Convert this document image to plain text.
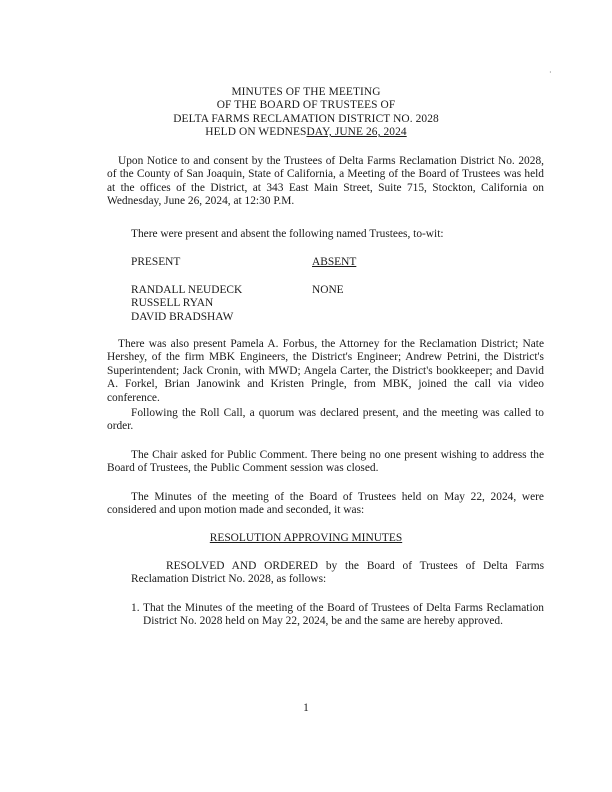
·
MINUTES OF THE MEETING
OF THE BOARD OF TRUSTEES OF
DELTA FARMS RECLAMATION DISTRICT NO. 2028
HELD ON WEDNESDAY, JUNE 26, 2024
Upon Notice to and consent by the Trustees of Delta Farms Reclamation District No. 2028, of the County of San Joaquin, State of California, a Meeting of the Board of Trustees was held at the offices of the District, at 343 East Main Street, Suite 715, Stockton, California on Wednesday, June 26, 2024, at 12:30 P.M.
There were present and absent the following named Trustees, to-wit:
PRESENT	ABSENT
RANDALL NEUDECK
RUSSELL RYAN
DAVID BRADSHAW
NONE
There was also present Pamela A. Forbus, the Attorney for the Reclamation District; Nate Hershey, of the firm MBK Engineers, the District's Engineer; Andrew Petrini, the District's Superintendent; Jack Cronin, with MWD; Angela Carter, the District's bookkeeper; and David A. Forkel, Brian Janowink and Kristen Pringle, from MBK, joined the call via video conference.
Following the Roll Call, a quorum was declared present, and the meeting was called to order.
The Chair asked for Public Comment. There being no one present wishing to address the Board of Trustees, the Public Comment session was closed.
The Minutes of the meeting of the Board of Trustees held on May 22, 2024, were considered and upon motion made and seconded, it was:
RESOLUTION APPROVING MINUTES
RESOLVED AND ORDERED by the Board of Trustees of Delta Farms Reclamation District No. 2028, as follows:
1. That the Minutes of the meeting of the Board of Trustees of Delta Farms Reclamation District No. 2028 held on May 22, 2024, be and the same are hereby approved.
1
